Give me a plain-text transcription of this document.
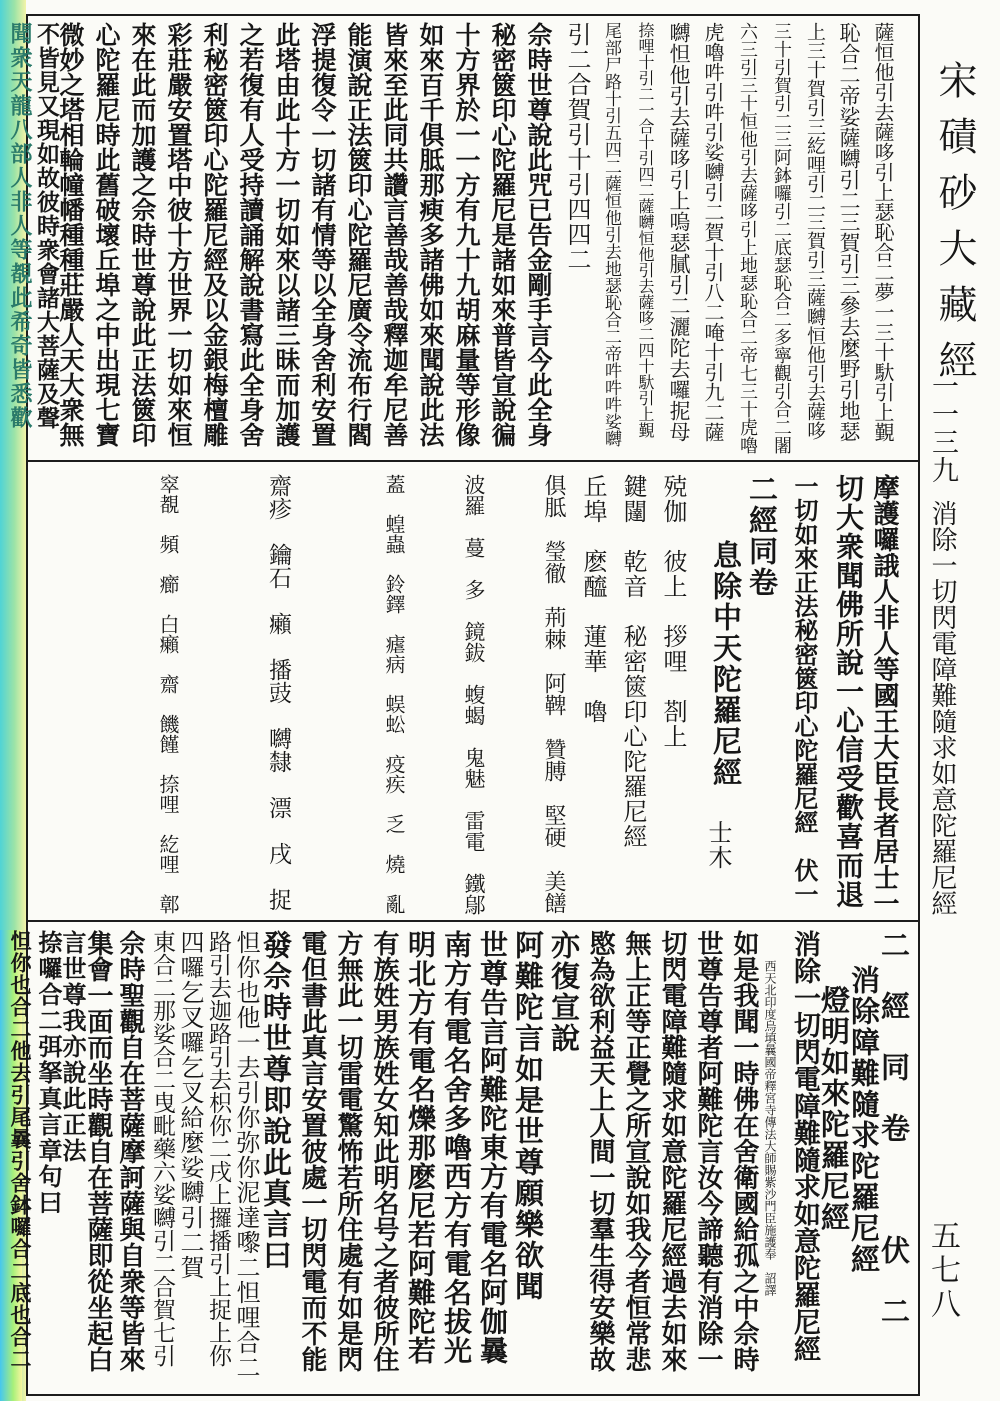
宋磧砂大藏經
一一三九
消除一切閃電障難隨求如意陀羅尼經
五七八
薩恒他引去薩哆引上瑟恥合二夢一三十馱引上覲
恥合二帝娑薩嚩引二三賀引三參去麼野引地瑟
上三十賀引三紇哩引二三賀引三薩嚩恒他引去薩哆
三十引賀引二三阿鉢囉引二底瑟恥合二多寧觀引合二闍
六三引三十恒他引去薩哆引上地瑟恥合二帝七三十虎嚕
虎嚕吽引吽引娑嚩引二賀十引八二唵十引九二薩
嚩怛他引去薩哆引上嗚瑟膩引二灑陀去囉抳母
捺哩十引二一合十引四二薩嚩恒他引去薩哆二四十馱引上覲
尾部尸路十引五四二薩恒他引去地瑟恥合二帝吽吽吽娑嚩
引二合賀引十引四四二
佘時世尊說此咒已告金剛手言今此全身
秘密篋印心陀羅尼是諸如來普皆宣說徧
十方界於一一方有九十九胡麻量等形像
如來百千俱胝那瘐多諸佛如來聞說此法
皆來至此同共讚言善哉善哉釋迦牟尼善
能演說正法篋印心陀羅尼廣令流布行閻
浮提復令一切諸有情等以全身舍利安置
此塔由此十方一切如來以諸三昧而加護
之若復有人受持讀誦解說書寫此全身舍
利秘密篋印心陀羅尼經及以金銀梅檀雕
彩莊嚴安置塔中彼十方世界一切如來恒
來在此而加護之佘時世尊說此正法篋印
心陀羅尼時此舊破壞丘埠之中出現七寶
微妙之塔相輪幢幡種種莊嚴人天大衆無
不皆見又現如故彼時衆會諸大菩薩及聲
聞衆天龍八部人非人等覩此希奇皆悉歡
摩護囉誐人非人等國王大臣長者居士一
切大衆聞佛所說一心信受歡喜而退
一切如來正法秘密篋印心陀羅尼經　伏一
二經同卷
息除中天陀羅尼經
士木
殑伽　彼上　拶哩　剳上
鍵闥　乾音　秘密篋印心陀羅尼經
丘埠　麽醯　蓮華　嚕
俱胝　瑩徹　荊棘　阿鞞　贊膊　堅硬　美饍
波羅　蔓　多　鏡鈸　蝮蝎　鬼魅　雷電　鐵鄔
蓋　蝗蟲　鈴鐸　瘧病　蜈蚣　疫疾　乏　燒　亂
齋疹　鑰石　癩　播豉　嚩隸　漂　戌　捉
窣覩　頻　癤　白癩　齋　饑饉　捺哩　紇哩　鄣
二經同卷　伏二
消除障難隨求陀羅尼經
燈明如來陀羅尼經
消除一切閃電障難隨求如意陀羅尼經
西天北印度烏填曩國帝釋宮寺傳法大師賜紫沙門臣施護奉　詔譯
如是我聞一時佛在舍衛國給孤之中佘時
世尊告尊者阿難陀言汝今諦聽有消除一
切閃電障難隨求如意陀羅尼經過去如來
無上正等正覺之所宣說如我今者恒常悲
愍為欲利益天上人間一切羣生得安樂故
亦復宣說
阿難陀言如是世尊願樂欲聞
世尊告言阿難陀東方有電名阿伽曩
南方有電名舍多嚕西方有電名拔光
明北方有電名爍那麽尼若阿難陀若
有族姓男族姓女知此明名号之者彼所住
方無此一切雷電驚怖若所住處有如是閃
電但書此真言安置彼處一切閃電而不能
發佘時世尊即說此真言曰
怛你也他一去引你弥你泥達嚟二怛哩合二
路引去迦路引去枳你二戌上攞播引上捉上你
四囉乞叉囉乞叉給麼娑嚩引二賀
東合二那娑合二曳毗藥六娑嚩引二合賀七引
佘時聖觀自在菩薩摩訶薩與自衆等皆來
集會一面而坐時觀自在菩薩即從坐起白
言世尊我亦說此正法
捺囉合二弭拏真言章句曰
怛你也合二他去引尾曩引舍鉢囉合二底也合二
